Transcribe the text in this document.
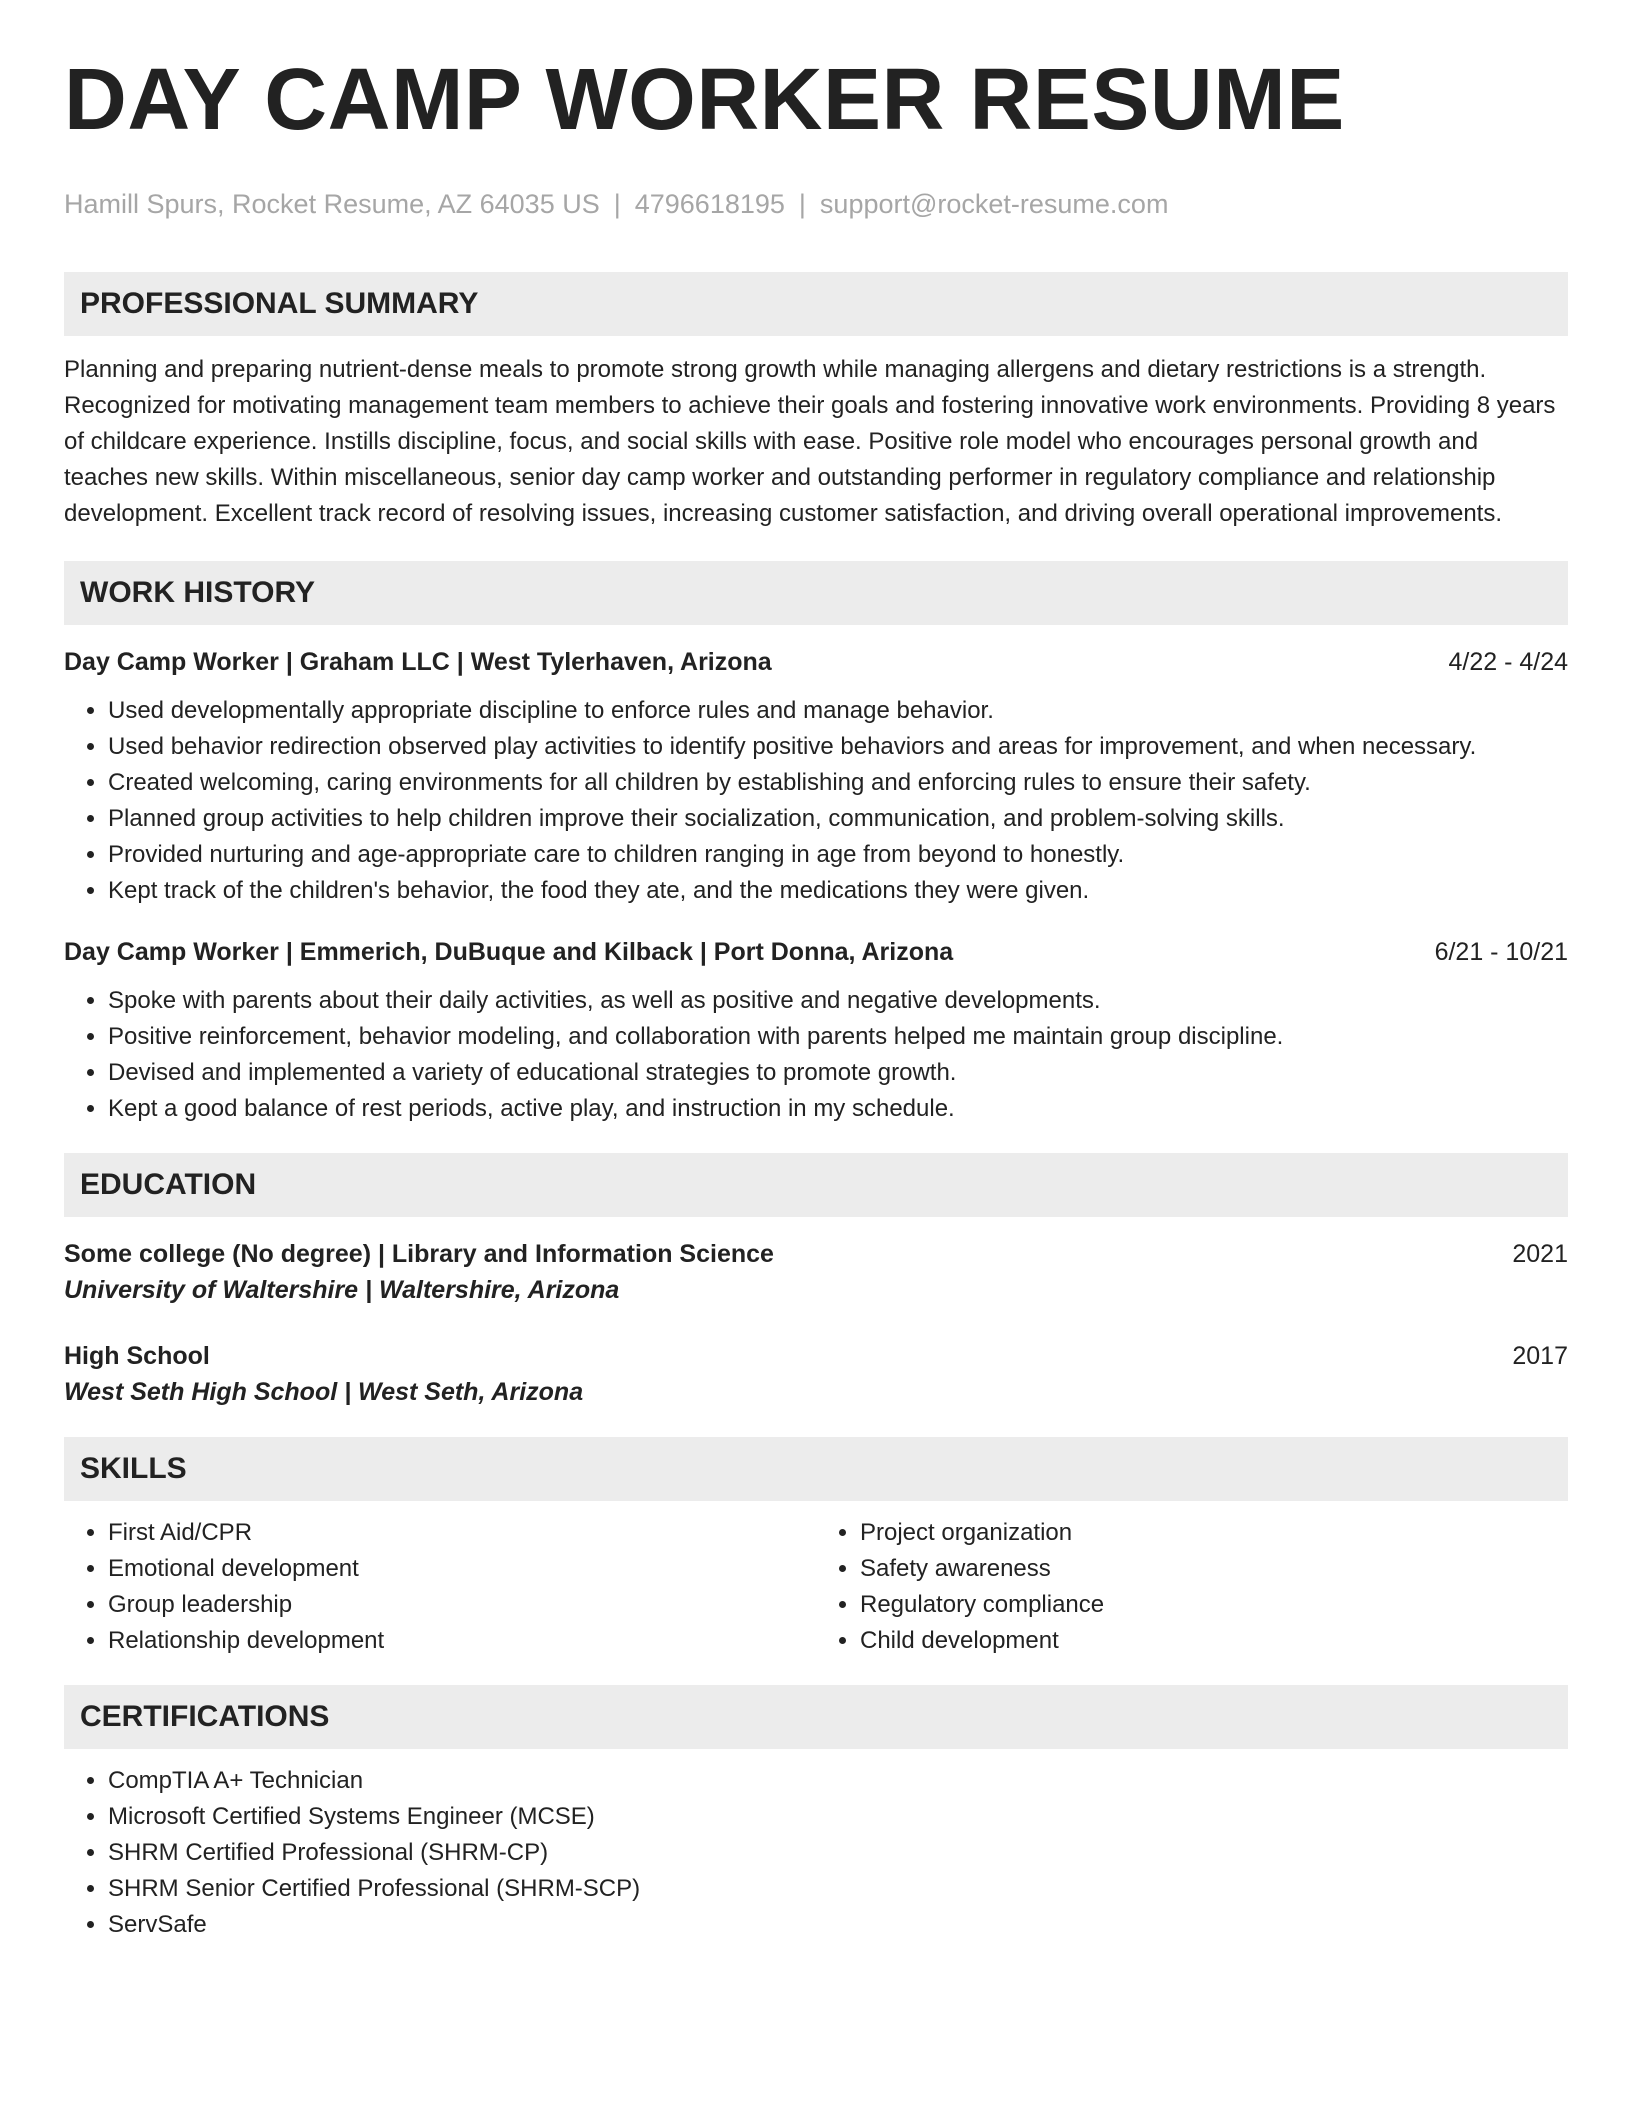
DAY CAMP WORKER RESUME
Hamill Spurs, Rocket Resume, AZ 64035 US | 4796618195 | support@rocket-resume.com
PROFESSIONAL SUMMARY

Planning and preparing nutrient-dense meals to promote strong growth while managing allergens and dietary restrictions is a strength. Recognized for motivating management team members to achieve their goals and fostering innovative work environments. Providing 8 years of childcare experience. Instills discipline, focus, and social skills with ease. Positive role model who encourages personal growth and teaches new skills. Within miscellaneous, senior day camp worker and outstanding performer in regulatory compliance and relationship development. Excellent track record of resolving issues, increasing customer satisfaction, and driving overall operational improvements.

WORK HISTORY
Day Camp Worker | Graham LLC | West Tylerhaven, Arizona	4/22 - 4/24
• Used developmentally appropriate discipline to enforce rules and manage behavior.
• Used behavior redirection observed play activities to identify positive behaviors and areas for improvement, and when necessary.
• Created welcoming, caring environments for all children by establishing and enforcing rules to ensure their safety.
• Planned group activities to help children improve their socialization, communication, and problem-solving skills.
• Provided nurturing and age-appropriate care to children ranging in age from beyond to honestly.
• Kept track of the children's behavior, the food they ate, and the medications they were given.
Day Camp Worker | Emmerich, DuBuque and Kilback | Port Donna, Arizona	6/21 - 10/21
• Spoke with parents about their daily activities, as well as positive and negative developments.
• Positive reinforcement, behavior modeling, and collaboration with parents helped me maintain group discipline.
• Devised and implemented a variety of educational strategies to promote growth.
• Kept a good balance of rest periods, active play, and instruction in my schedule.
EDUCATION
Some college (No degree) | Library and Information Science	2021
University of Waltershire | Waltershire, Arizona
High School	2017
West Seth High School | West Seth, Arizona
SKILLS
• First Aid/CPR
• Emotional development
• Group leadership
• Relationship development
• Project organization
• Safety awareness
• Regulatory compliance
• Child development
CERTIFICATIONS
• CompTIA A+ Technician
• Microsoft Certified Systems Engineer (MCSE)
• SHRM Certified Professional (SHRM-CP)
• SHRM Senior Certified Professional (SHRM-SCP)
• ServSafe
